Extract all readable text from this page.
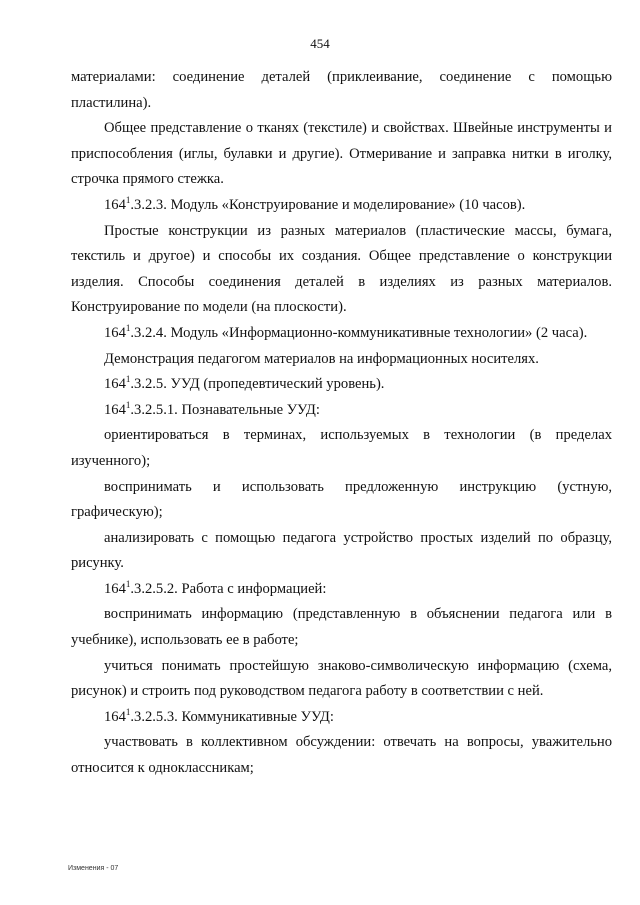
454

материалами: соединение деталей (приклеивание, соединение с помощью пластилина).

Общее представление о тканях (текстиле) и свойствах. Швейные инструменты и приспособления (иглы, булавки и другие). Отмеривание и заправка нитки в иголку, строчка прямого стежка.

$164^1.3.2.3$. Модуль «Конструирование и моделирование» (10 часов).

Простые конструкции из разных материалов (пластические массы, бумага, текстиль и другое) и способы их создания. Общее представление о конструкции изделия. Способы соединения деталей в изделиях из разных материалов. Конструирование по модели (на плоскости).

$164^1.3.2.4$. Модуль «Информационно-коммуникативные технологии» (2 часа).

Демонстрация педагогом материалов на информационных носителях.

$164^1.3.2.5$. УУД (пропедевтический уровень).

$164^1.3.2.5.1$. Познавательные УУД:

ориентироваться в терминах, используемых в технологии (в пределах изученного);

воспринимать и использовать предложенную инструкцию (устную, графическую);

анализировать с помощью педагога устройство простых изделий по образцу, рисунку.

$164^1.3.2.5.2$. Работа с информацией:

воспринимать информацию (представленную в объяснении педагога или в учебнике), использовать ее в работе;

учиться понимать простейшую знаково-символическую информацию (схема, рисунок) и строить под руководством педагога работу в соответствии с ней.

$164^1.3.2.5.3$. Коммуникативные УУД:

участвовать в коллективном обсуждении: отвечать на вопросы, уважительно относится к одноклассникам;

Изменения - 07
